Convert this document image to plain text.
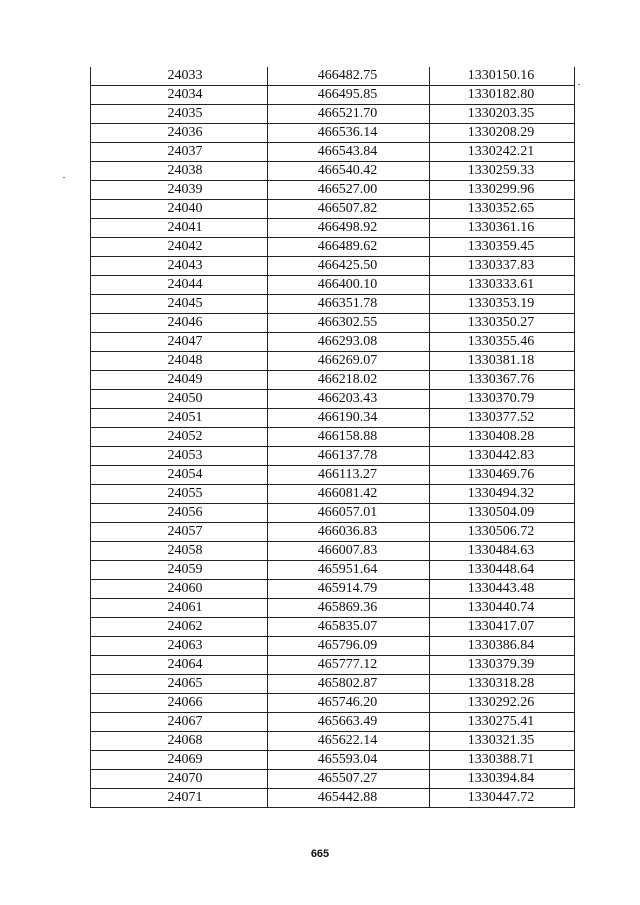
24033	466482.75	1330150.16
24034	466495.85	1330182.80
24035	466521.70	1330203.35
24036	466536.14	1330208.29
24037	466543.84	1330242.21
24038	466540.42	1330259.33
24039	466527.00	1330299.96
24040	466507.82	1330352.65
24041	466498.92	1330361.16
24042	466489.62	1330359.45
24043	466425.50	1330337.83
24044	466400.10	1330333.61
24045	466351.78	1330353.19
24046	466302.55	1330350.27
24047	466293.08	1330355.46
24048	466269.07	1330381.18
24049	466218.02	1330367.76
24050	466203.43	1330370.79
24051	466190.34	1330377.52
24052	466158.88	1330408.28
24053	466137.78	1330442.83
24054	466113.27	1330469.76
24055	466081.42	1330494.32
24056	466057.01	1330504.09
24057	466036.83	1330506.72
24058	466007.83	1330484.63
24059	465951.64	1330448.64
24060	465914.79	1330443.48
24061	465869.36	1330440.74
24062	465835.07	1330417.07
24063	465796.09	1330386.84
24064	465777.12	1330379.39
24065	465802.87	1330318.28
24066	465746.20	1330292.26
24067	465663.49	1330275.41
24068	465622.14	1330321.35
24069	465593.04	1330388.71
24070	465507.27	1330394.84
24071	465442.88	1330447.72
665
